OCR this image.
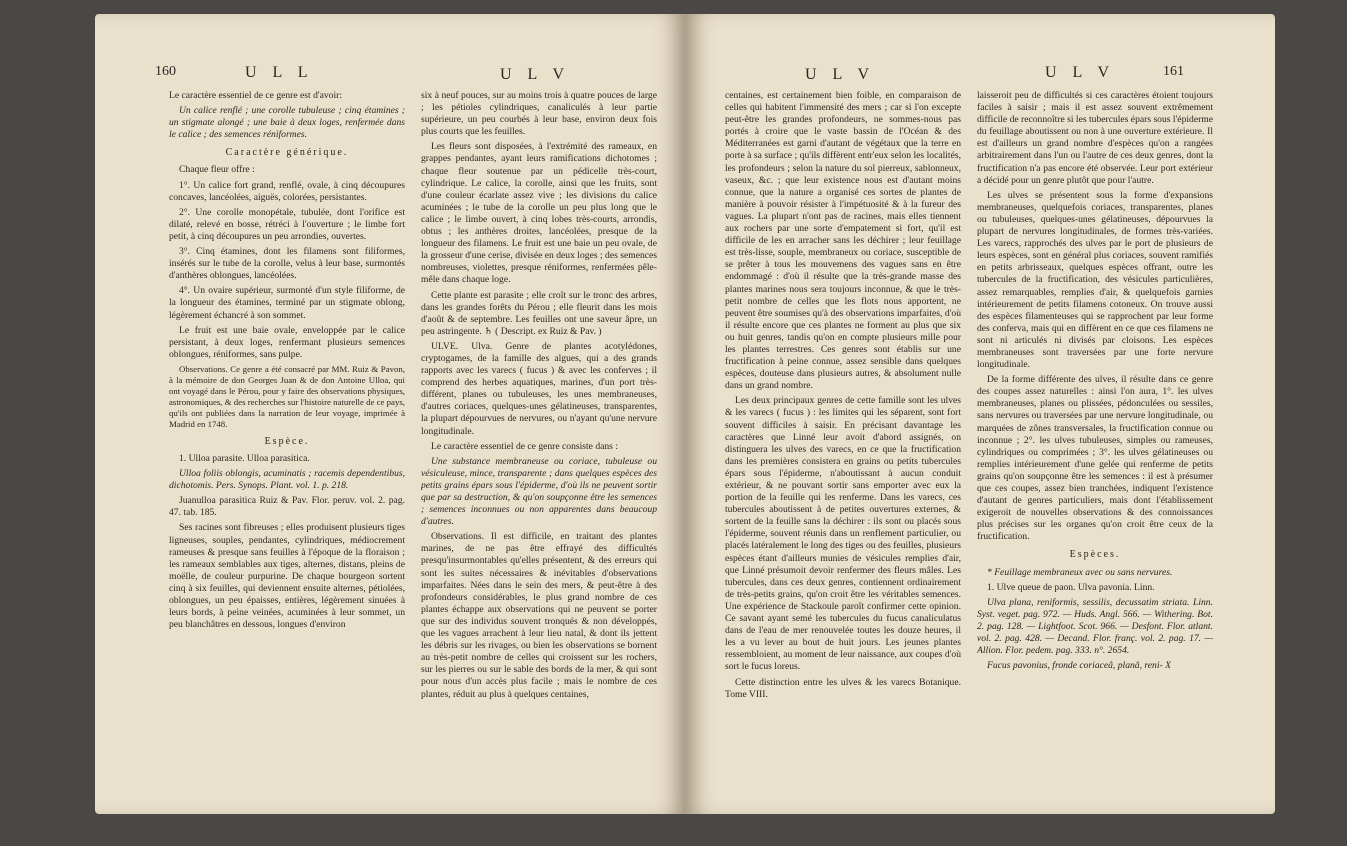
160	U L L	U L V

Le caractère essentiel de ce genre est d'avoir:

Un calice renflé ; une corolle tubuleuse ; cinq étamines ; un stigmate alongé ; une baie à deux loges, renfermée dans le calice ; des semences réniformes.

Caractère générique.

Chaque fleur offre :

1°. Un calice fort grand, renflé, ovale, à cinq découpures concaves, lancéolées, aiguës, colorées, persistantes.

2°. Une corolle monopétale, tubulée, dont l'orifice est dilaté, relevé en bosse, rétréci à l'ouverture ; le limbe fort petit, à cinq découpures un peu arrondies, ouvertes.

3°. Cinq étamines, dont les filamens sont filiformes, insérés sur le tube de la corolle, velus à leur base, surmontés d'anthères oblongues, lancéolées.

4°. Un ovaire supérieur, surmonté d'un style filiforme, de la longueur des étamines, terminé par un stigmate oblong, légèrement échancré à son sommet.

Le fruit est une baie ovale, enveloppée par le calice persistant, à deux loges, renfermant plusieurs semences oblongues, réniformes, sans pulpe.

Observations. Ce genre a été consacré par MM. Ruiz & Pavon, à la mémoire de don Georges Juan & de don Antoine Ulloa, qui ont voyagé dans le Pérou, pour y faire des observations physiques, astronomiques, & des recherches sur l'histoire naturelle de ce pays, qu'ils ont publiées dans la narration de leur voyage, imprimée à Madrid en 1748.

Espèce.

1. Ulloa parasite. Ulloa parasitica.

Ulloa foliis oblongis, acuminatis ; racemis dependentibus, dichotomis. Pers. Synops. Plant. vol. 1. p. 218.

Juanulloa parasitica Ruiz & Pav. Flor. peruv. vol. 2. pag. 47. tab. 185.

Ses racines sont fibreuses ; elles produisent plusieurs tiges ligneuses, souples, pendantes, cylindriques, médiocrement rameuses & presque sans feuilles à l'époque de la floraison ; les rameaux semblables aux tiges, alternes, distans, pleins de moëlle, de couleur purpurine. De chaque bourgeon sortent cinq à six feuilles, qui deviennent ensuite alternes, pétiolées, oblongues, un peu épaisses, entières, légèrement sinuées à leurs bords, à peine veinées, acuminées à leur sommet, un peu blanchâtres en dessous, longues d'environ

six à neuf pouces, sur au moins trois à quatre pouces de large ; les pétioles cylindriques, canaliculés à leur partie supérieure, un peu courbés à leur base, environ deux fois plus courts que les feuilles.

Les fleurs sont disposées, à l'extrémité des rameaux, en grappes pendantes, ayant leurs ramifications dichotomes ; chaque fleur soutenue par un pédicelle très-court, cylindrique. Le calice, la corolle, ainsi que les fruits, sont d'une couleur écarlate assez vive ; les divisions du calice acuminées ; le tube de la corolle un peu plus long que le calice ; le limbe ouvert, à cinq lobes très-courts, arrondis, obtus ; les anthères droites, lancéolées, presque de la longueur des filamens. Le fruit est une baie un peu ovale, de la grosseur d'une cerise, divisée en deux loges ; des semences nombreuses, violettes, presque réniformes, renfermées pêle-mêle dans chaque loge.

Cette plante est parasite ; elle croît sur le tronc des arbres, dans les grandes forêts du Pérou ; elle fleurit dans les mois d'août & de septembre. Les feuilles ont une saveur âpre, un peu astringente. ♄ ( Descript. ex Ruiz & Pav. )

ULVE. Ulva. Genre de plantes acotylédones, cryptogames, de la famille des algues, qui a des grands rapports avec les varecs ( fucus ) & avec les conferves ; il comprend des herbes aquatiques, marines, d'un port très-différent, planes ou tubuleuses, les unes membraneuses, d'autres coriaces, quelques-unes gélatineuses, transparentes, la plupart dépourvues de nervures, ou n'ayant qu'une nervure longitudinale.

Le caractère essentiel de ce genre consiste dans :

Une substance membraneuse ou coriace, tubuleuse ou vésiculeuse, mince, transparente ; dans quelques espèces des petits grains épars sous l'épiderme, d'où ils ne peuvent sortir que par sa destruction, & qu'on soupçonne être les semences ; semences inconnues ou non apparentes dans beaucoup d'autres.

Observations. Il est difficile, en traitant des plantes marines, de ne pas être effrayé des difficultés presqu'insurmontables qu'elles présentent, & des erreurs qui sont les suites nécessaires & inévitables d'observations imparfaites. Nées dans le sein des mers, & peut-être à des profondeurs considérables, le plus grand nombre de ces plantes échappe aux observations qui ne peuvent se porter que sur des individus souvent tronqués & non développés, que les vagues arrachent à leur lieu natal, & dont ils jettent les débris sur les rivages, ou bien les observations se bornent au très-petit nombre de celles qui croissent sur les rochers, sur les pierres ou sur le sable des bords de la mer, & qui sont pour nous d'un accès plus facile ; mais le nombre de ces plantes, réduit au plus à quelques centaines,

U L V	U L V	161

centaines, est certainement bien foible, en comparaison de celles qui habitent l'immensité des mers ; car si l'on excepte peut-être les grandes profondeurs, ne sommes-nous pas portés à croire que le vaste bassin de l'Océan & des Méditerranées est garni d'autant de végétaux que la terre en porte à sa surface ; qu'ils diffèrent entr'eux selon les localités, les profondeurs ; selon la nature du sol pierreux, sablonneux, vaseux, &c. ; que leur existence nous est d'autant moins connue, que la nature a organisé ces sortes de plantes de manière à pouvoir résister à l'impétuosité & à la fureur des vagues. La plupart n'ont pas de racines, mais elles tiennent aux rochers par une sorte d'empatement si fort, qu'il est difficile de les en arracher sans les déchirer ; leur feuillage est très-lisse, souple, membraneux ou coriace, susceptible de se prêter à tous les mouvemens des vagues sans en être endommagé : d'où il résulte que la très-grande masse des plantes marines nous sera toujours inconnue, & que le très-petit nombre de celles que les flots nous apportent, ne peuvent être soumises qu'à des observations imparfaites, d'où il résulte encore que ces plantes ne forment au plus que six ou huit genres, tandis qu'on en compte plusieurs mille pour les plantes terrestres. Ces genres sont établis sur une fructification à peine connue, assez sensible dans quelques espèces, douteuse dans plusieurs autres, & absolument nulle dans un grand nombre.

Les deux principaux genres de cette famille sont les ulves & les varecs ( fucus ) : les limites qui les séparent, sont fort souvent difficiles à saisir. En précisant davantage les caractères que Linné leur avoit d'abord assignés, on distinguera les ulves des varecs, en ce que la fructification dans les premières consistera en grains ou petits tubercules épars sous l'épiderme, n'aboutissant à aucun conduit extérieur, & ne pouvant sortir sans emporter avec eux la portion de la feuille qui les renferme. Dans les varecs, ces tubercules aboutissent à de petites ouvertures externes, & sortent de la feuille sans la déchirer : ils sont ou placés sous l'épiderme, souvent réunis dans un renflement particulier, ou placés latéralement le long des tiges ou des feuilles, plusieurs espèces étant d'ailleurs munies de vésicules remplies d'air, que Linné présumoit devoir renfermer des fleurs mâles. Les tubercules, dans ces deux genres, contiennent ordinairement de très-petits grains, qu'on croit être les véritables semences. Une expérience de Stackoule paroît confirmer cette opinion. Ce savant ayant semé les tubercules du fucus canaliculatus dans de l'eau de mer renouvelée toutes les douze heures, il les a vu lever au bout de huit jours. Les jeunes plantes ressembloient, au moment de leur naissance, aux coupes d'où sort le fucus loreus.

Cette distinction entre les ulves & les varecs Botanique. Tome VIII.

laisseroit peu de difficultés si ces caractères étoient toujours faciles à saisir ; mais il est assez souvent extrêmement difficile de reconnoître si les tubercules épars sous l'épiderme du feuillage aboutissent ou non à une ouverture extérieure. Il est d'ailleurs un grand nombre d'espèces qu'on a rangées arbitrairement dans l'un ou l'autre de ces deux genres, dont la fructification n'a pas encore été observée. Leur port extérieur a décidé pour un genre plutôt que pour l'autre.

Les ulves se présentent sous la forme d'expansions membraneuses, quelquefois coriaces, transparentes, planes ou tubuleuses, quelques-unes gélatineuses, dépourvues la plupart de nervures longitudinales, de formes très-variées. Les varecs, rapprochés des ulves par le port de plusieurs de leurs espèces, sont en général plus coriaces, souvent ramifiés en petits arbrisseaux, quelques espèces offrant, outre les tubercules de la fructification, des vésicules particulières, assez remarquables, remplies d'air, & quelquefois garnies intérieurement de petits filamens cotoneux. On trouve aussi des espèces filamenteuses qui se rapprochent par leur forme des conferva, mais qui en diffèrent en ce que ces filamens ne sont ni articulés ni divisés par cloisons. Les espèces membraneuses sont traversées par une forte nervure longitudinale.

De la forme différente des ulves, il résulte dans ce genre des coupes assez naturelles : ainsi l'on aura, 1°. les ulves membraneuses, planes ou plissées, pédonculées ou sessiles, sans nervures ou traversées par une nervure longitudinale, ou marquées de zônes transversales, la fructification connue ou inconnue ; 2°. les ulves tubuleuses, simples ou rameuses, cylindriques ou comprimées ; 3°. les ulves gélatineuses ou remplies intérieurement d'une gelée qui renferme de petits grains qu'on soupçonne être les semences : il est à présumer que ces coupes, assez bien tranchées, indiquent l'existence d'autant de genres particuliers, mais dont l'établissement exigeroit de nouvelles observations & des connoissances plus précises sur les organes qu'on croit être ceux de la fructification.

Espèces.

* Feuillage membraneux avec ou sans nervures.

1. Ulve queue de paon. Ulva pavonia. Linn.

Ulva plana, reniformis, sessilis, decussatim striata. Linn. Syst. veget. pag. 972. — Huds. Angl. 566. — Withering. Bot. 2. pag. 128. — Lightfoot. Scot. 966. — Desfont. Flor. atlant. vol. 2. pag. 428. — Decand. Flor. franç. vol. 2. pag. 17. — Allion. Flor. pedem. pag. 333. n°. 2654.

Fucus pavonius, fronde coriaceâ, planâ, reni- X
